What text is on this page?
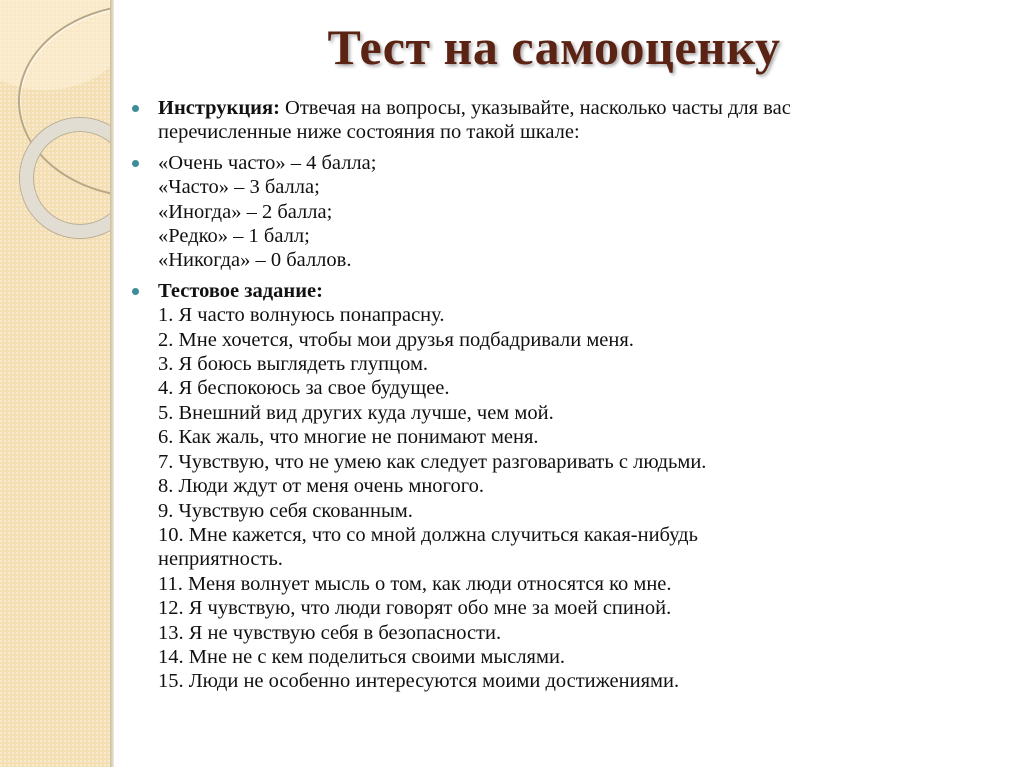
Тест на самооценку
Инструкция: Отвечая на вопросы, указывайте, насколько часты для вас
перечисленные ниже состояния по такой шкале:
«Очень часто» – 4 балла;
«Часто» – 3 балла;
«Иногда» – 2 балла;
«Редко» – 1 балл;
«Никогда» – 0 баллов.
Тестовое задание:
1. Я часто волнуюсь понапрасну.
2. Мне хочется, чтобы мои друзья подбадривали меня.
3. Я боюсь выглядеть глупцом.
4. Я беспокоюсь за свое будущее.
5. Внешний вид других куда лучше, чем мой.
6. Как жаль, что многие не понимают меня.
7. Чувствую, что не умею как следует разговаривать с людьми.
8. Люди ждут от меня очень многого.
9. Чувствую себя скованным.
10. Мне кажется, что со мной должна случиться какая-нибудь
неприятность.
11. Меня волнует мысль о том, как люди относятся ко мне.
12. Я чувствую, что люди говорят обо мне за моей спиной.
13. Я не чувствую себя в безопасности.
14. Мне не с кем поделиться своими мыслями.
15. Люди не особенно интересуются моими достижениями.
